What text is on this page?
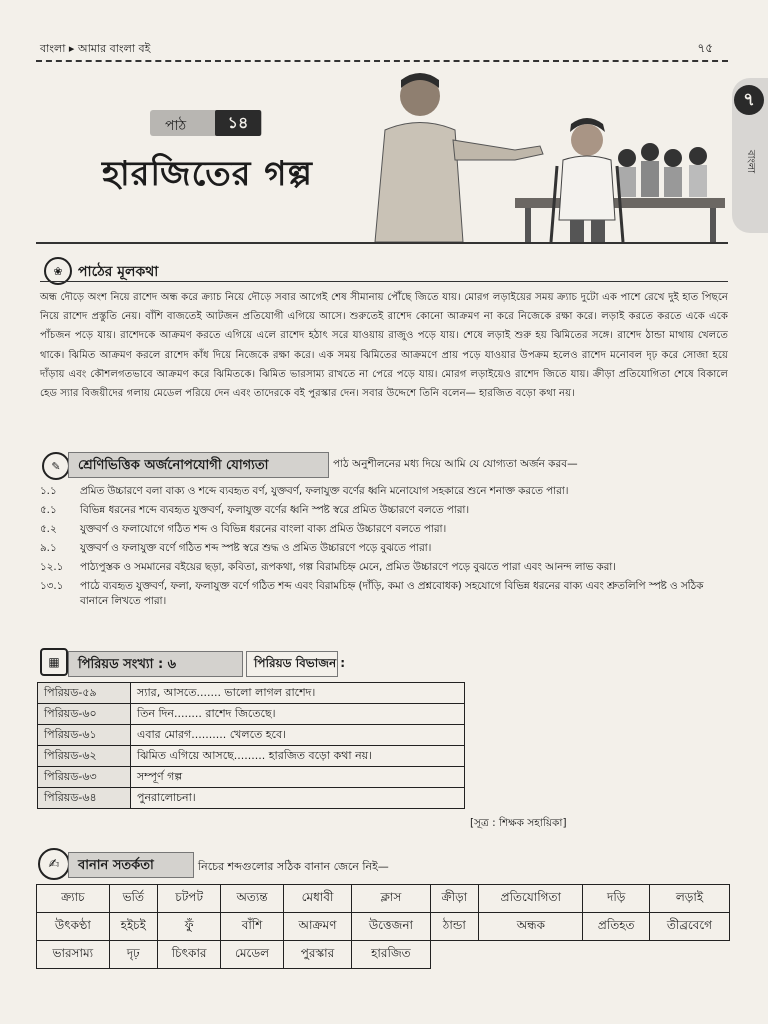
বাংলা ▸ আমার বাংলা বই	৭৫
৭
বাংলা
পাঠ	১৪
হারজিতের গল্প
❀	পাঠের মূলকথা
অন্ধ দৌড়ে অংশ নিয়ে রাশেদ অন্ধ করে ক্র্যাচ নিয়ে দৌড়ে সবার আগেই শেষ সীমানায় পৌঁছে জিতে যায়। মোরগ লড়াইয়ের সময় ক্র্যাচ দুটো এক পাশে রেখে দুই হাত পিছনে নিয়ে রাশেদ প্রস্তুতি নেয়। বাঁশি বাজতেই আটজন প্রতিযোগী এগিয়ে আসে। শুরুতেই রাশেদ কোনো আক্রমণ না করে নিজেকে রক্ষা করে। লড়াই করতে করতে একে একে পাঁচজন পড়ে যায়। রাশেদকে আক্রমণ করতে এগিয়ে এলে রাশেদ হঠাৎ সরে যাওয়ায় রাজুও পড়ে যায়। শেষে লড়াই শুরু হয় ঝিমিতের সঙ্গে। রাশেদ ঠান্ডা মাথায় খেলতে থাকে। ঝিমিত আক্রমণ করলে রাশেদ কাঁধ দিয়ে নিজেকে রক্ষা করে। এক সময় ঝিমিতের আক্রমণে প্রায় পড়ে যাওয়ার উপক্রম হলেও রাশেদ মনোবল দৃঢ় করে সোজা হয়ে দাঁড়ায় এবং কৌশলগতভাবে আক্রমণ করে ঝিমিতকে। ঝিমিত ভারসাম্য রাখতে না পেরে পড়ে যায়। মোরগ লড়াইয়েও রাশেদ জিতে যায়। ক্রীড়া প্রতিযোগিতা শেষে বিকালে হেড স্যার বিজয়ীদের গলায় মেডেল পরিয়ে দেন এবং তাদেরকে বই পুরস্কার দেন। সবার উদ্দেশে তিনি বলেন— হারজিত বড়ো কথা নয়।
✎	শ্রেণিভিত্তিক অর্জনোপযোগী যোগ্যতা	পাঠ অনুশীলনের মধ্য দিয়ে আমি যে যোগ্যতা অর্জন করব—
১.১	প্রমিত উচ্চারণে বলা বাক্য ও শব্দে ব্যবহৃত বর্ণ, যুক্তবর্ণ, ফলাযুক্ত বর্ণের ধ্বনি মনোযোগ সহকারে শুনে শনাক্ত করতে পারা।
৫.১	বিভিন্ন ধরনের শব্দে ব্যবহৃত যুক্তবর্ণ, ফলাযুক্ত বর্ণের ধ্বনি স্পষ্ট স্বরে প্রমিত উচ্চারণে বলতে পারা।
৫.২	যুক্তবর্ণ ও ফলাযোগে গঠিত শব্দ ও বিভিন্ন ধরনের বাংলা বাক্য প্রমিত উচ্চারণে বলতে পারা।
৯.১	যুক্তবর্ণ ও ফলাযুক্ত বর্ণে গঠিত শব্দ স্পষ্ট স্বরে শুদ্ধ ও প্রমিত উচ্চারণে পড়ে বুঝতে পারা।
১২.১	পাঠ্যপুস্তক ও সমমানের বইয়ের ছড়া, কবিতা, রূপকথা, গল্প বিরামচিহ্ন মেনে, প্রমিত উচ্চারণে পড়ে বুঝতে পারা এবং আনন্দ লাভ করা।
১৩.১	পাঠে ব্যবহৃত যুক্তবর্ণ, ফলা, ফলাযুক্ত বর্ণে গঠিত শব্দ এবং বিরামচিহ্ন (দাঁড়ি, কমা ও প্রশ্নবোধক) সহযোগে বিভিন্ন ধরনের বাক্য এবং শ্রুতলিপি স্পষ্ট ও সঠিক বানানে লিখতে পারা।
▦	পিরিয়ড সংখ্যা : ৬	পিরিয়ড বিভাজন :
পিরিয়ড-৫৯	স্যার, আসতে....... ভালো লাগল রাশেদ।
পিরিয়ড-৬০	তিন দিন........ রাশেদ জিতেছে।
পিরিয়ড-৬১	এবার মোরগ.......... খেলতে হবে।
পিরিয়ড-৬২	ঝিমিত এগিয়ে আসছে......... হারজিত বড়ো কথা নয়।
পিরিয়ড-৬৩	সম্পূর্ণ গল্প
পিরিয়ড-৬৪	পুনরালোচনা।
[সূত্র : শিক্ষক সহায়িকা]
✍	বানান সতর্কতা	নিচের শব্দগুলোর সঠিক বানান জেনে নিই—
ক্র্যাচ	ভর্তি	চটপট	অত্যন্ত	মেধাবী	ক্লাস	ক্রীড়া	প্রতিযোগিতা	দড়ি	লড়াই
উৎকণ্ঠা	হইচই	ফুঁ	বাঁশি	আক্রমণ	উত্তেজনা	ঠান্ডা	অন্ধক	প্রতিহত	তীব্রবেগে
ভারসাম্য	দৃঢ়	চিৎকার	মেডেল	পুরস্কার	হারজিত				
